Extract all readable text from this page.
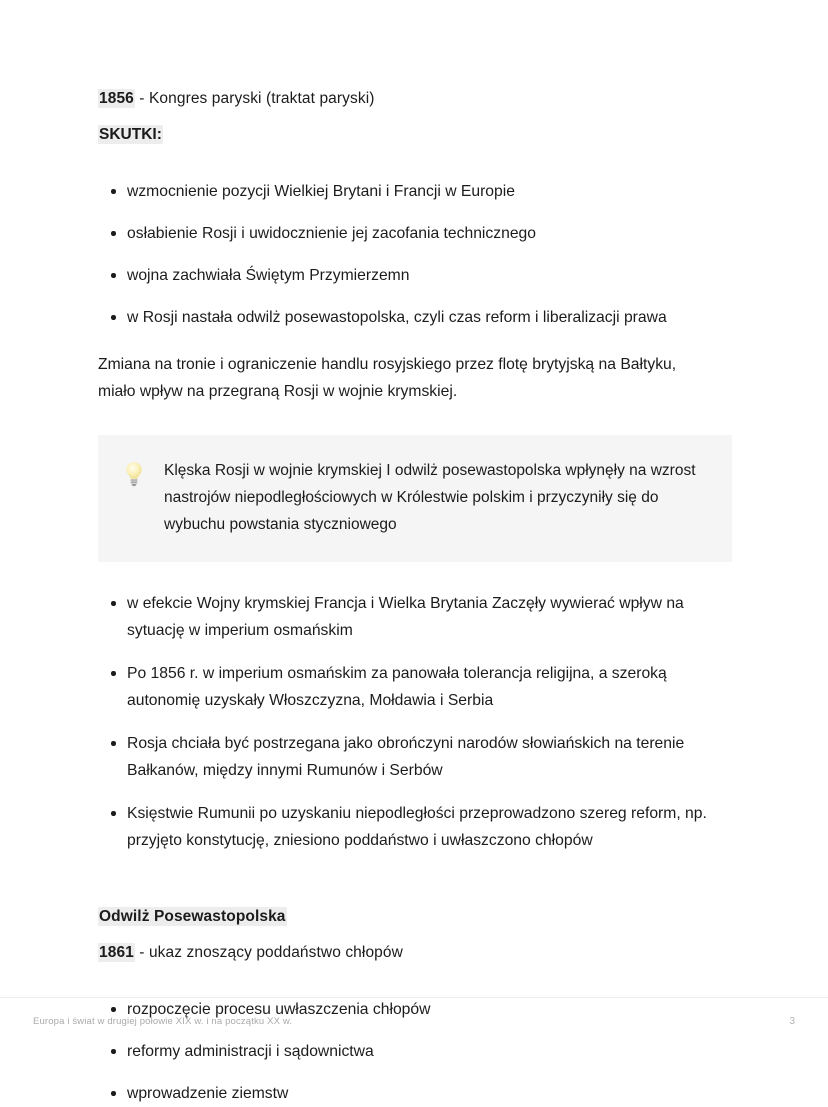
1856 - Kongres paryski (traktat paryski)

SKUTKI:

wzmocnienie pozycji Wielkiej Brytani i Francji w Europie
osłabienie Rosji i uwidocznienie jej zacofania technicznego
wojna zachwiała Świętym Przymierzemn
w Rosji nastała odwilż posewastopolska, czyli czas reform i liberalizacji prawa

Zmiana na tronie i ograniczenie handlu rosyjskiego przez flotę brytyjską na Bałtyku, miało wpływ na przegraną Rosji w wojnie krymskiej.

Klęska Rosji w wojnie krymskiej I odwilż posewastopolska wpłynęły na wzrost nastrojów niepodległościowych w Królestwie polskim i przyczyniły się do wybuchu powstania styczniowego
w efekcie Wojny krymskiej Francja i Wielka Brytania Zaczęły wywierać wpływ na sytuację w imperium osmańskim
Po 1856 r. w imperium osmańskim za panowała tolerancja religijna, a szeroką autonomię uzyskały Włoszczyzna, Mołdawia i Serbia
Rosja chciała być postrzegana jako obrończyni narodów słowiańskich na terenie Bałkanów, między innymi Rumunów i Serbów
Księstwie Rumunii po uzyskaniu niepodległości przeprowadzono szereg reform, np. przyjęto konstytucję, zniesiono poddaństwo i uwłaszczono chłopów

Odwilż Posewastopolska

1861 - ukaz znoszący poddaństwo chłopów

rozpoczęcie procesu uwłaszczenia chłopów
reformy administracji i sądownictwa
wprowadzenie ziemstw
Europa i świat w drugiej połowie XIX w. i na początku XX w.	3
